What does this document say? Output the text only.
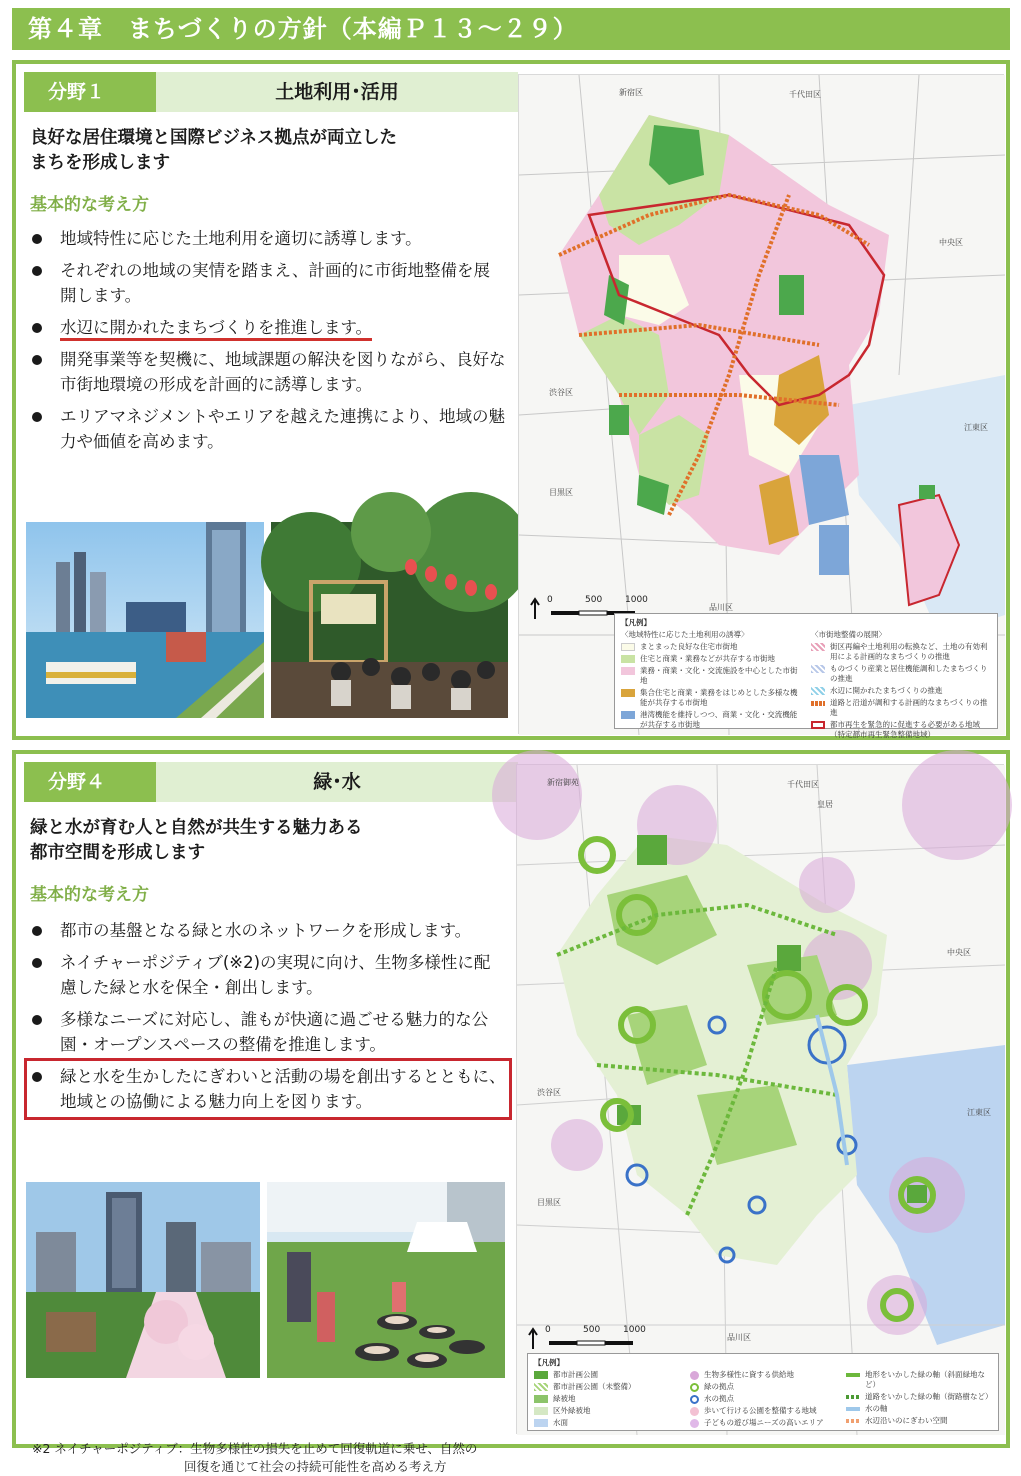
第４章　まちづくりの方針（本編Ｐ１３～２９）
分野１	土地利用･活用
良好な居住環境と国際ビジネス拠点が両立した
まちを形成します
基本的な考え方
地域特性に応じた土地利用を適切に誘導します。
それぞれの地域の実情を踏まえ、計画的に市街地整備を展開します。
水辺に開かれたまちづくりを推進します。
開発事業等を契機に、地域課題の解決を図りながら、良好な市街地環境の形成を計画的に誘導します。
エリアマネジメントやエリアを越えた連携により、地域の魅力や価値を高めます。
新宿区	千代田区
中央区
渋谷区
目黒区
品川区
江東区
0	500	1000
【凡例】
〈地域特性に応じた土地利用の誘導〉
まとまった良好な住宅市街地
住宅と商業・業務などが共存する市街地
業務・商業・文化・交流施設を中心とした市街地
集合住宅と商業・業務をはじめとした多様な機能が共存する市街地
港湾機能を維持しつつ、商業・文化・交流機能が共存する市街地
〈市街地整備の展開〉
街区再編や土地利用の転換など、土地の有効利用による計画的なまちづくりの推進
ものづくり産業と居住機能調和したまちづくりの推進
水辺に開かれたまちづくりの推進
道路と沿道が調和する計画的なまちづくりの推進
都市再生を緊急的に促進する必要がある地域（特定都市再生緊急整備地域）
分野４	緑･水
緑と水が育む人と自然が共生する魅力ある
都市空間を形成します
基本的な考え方
都市の基盤となる緑と水のネットワークを形成します。
ネイチャーポジティブ(※2)の実現に向け、生物多様性に配慮した緑と水を保全・創出します。
多様なニーズに対応し、誰もが快適に過ごせる魅力的な公園・オープンスペースの整備を推進します。
緑と水を生かしたにぎわいと活動の場を創出するとともに、地域との協働による魅力向上を図ります。
※2 ネイチャーポジティブ：生物多様性の損失を止めて回復軌道に乗せ、自然の
回復を通じて社会の持続可能性を高める考え方
新宿御苑	千代田区
皇居
中央区
渋谷区
目黒区
江東区
品川区
0	500	1000
【凡例】
都市計画公園
都市計画公園（未整備）
緑被地
区外緑被地
水面
生物多様性に資する供給地
緑の拠点
水の拠点
歩いて行ける公園を整備する地域
子どもの遊び場ニーズの高いエリア
地形をいかした緑の軸（斜面緑地など）
道路をいかした緑の軸（街路樹など）
水の軸
水辺沿いのにぎわい空間
